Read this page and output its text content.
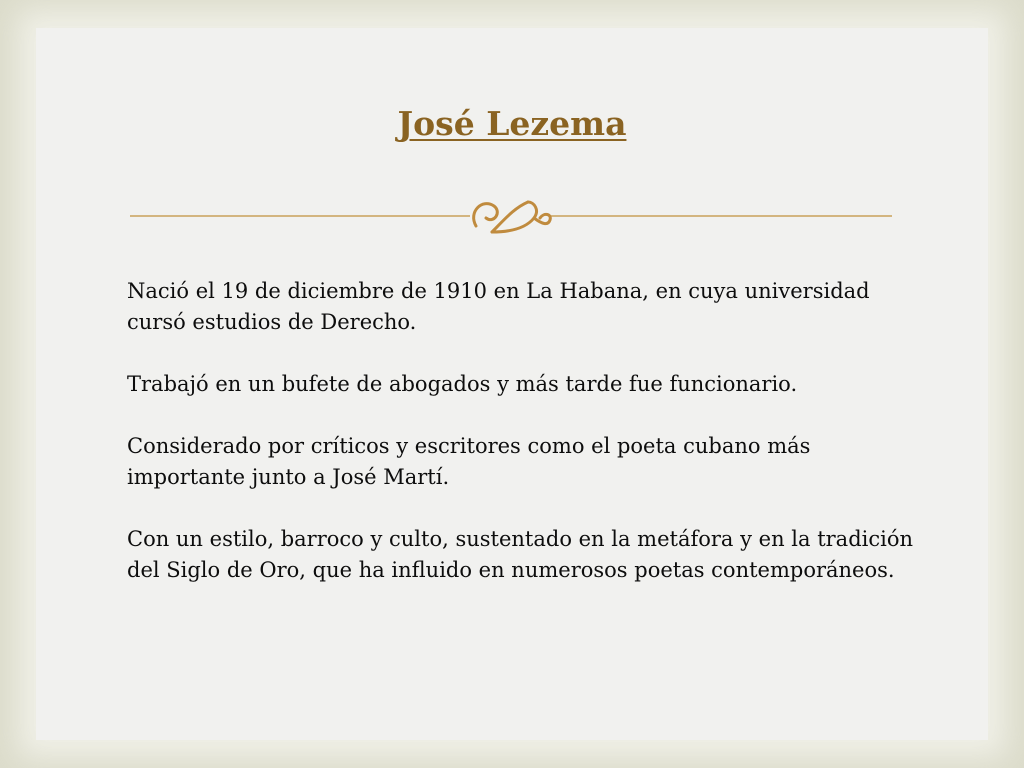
José Lezema

Nació el 19 de diciembre de 1910 en La Habana, en cuya universidad cursó estudios de Derecho.

Trabajó en un bufete de abogados y más tarde fue funcionario.

Considerado por críticos y escritores como el poeta cubano más importante junto a José Martí.

Con un estilo, barroco y culto, sustentado en la metáfora y en la tradición del Siglo de Oro, que ha influido en numerosos poetas contemporáneos.
